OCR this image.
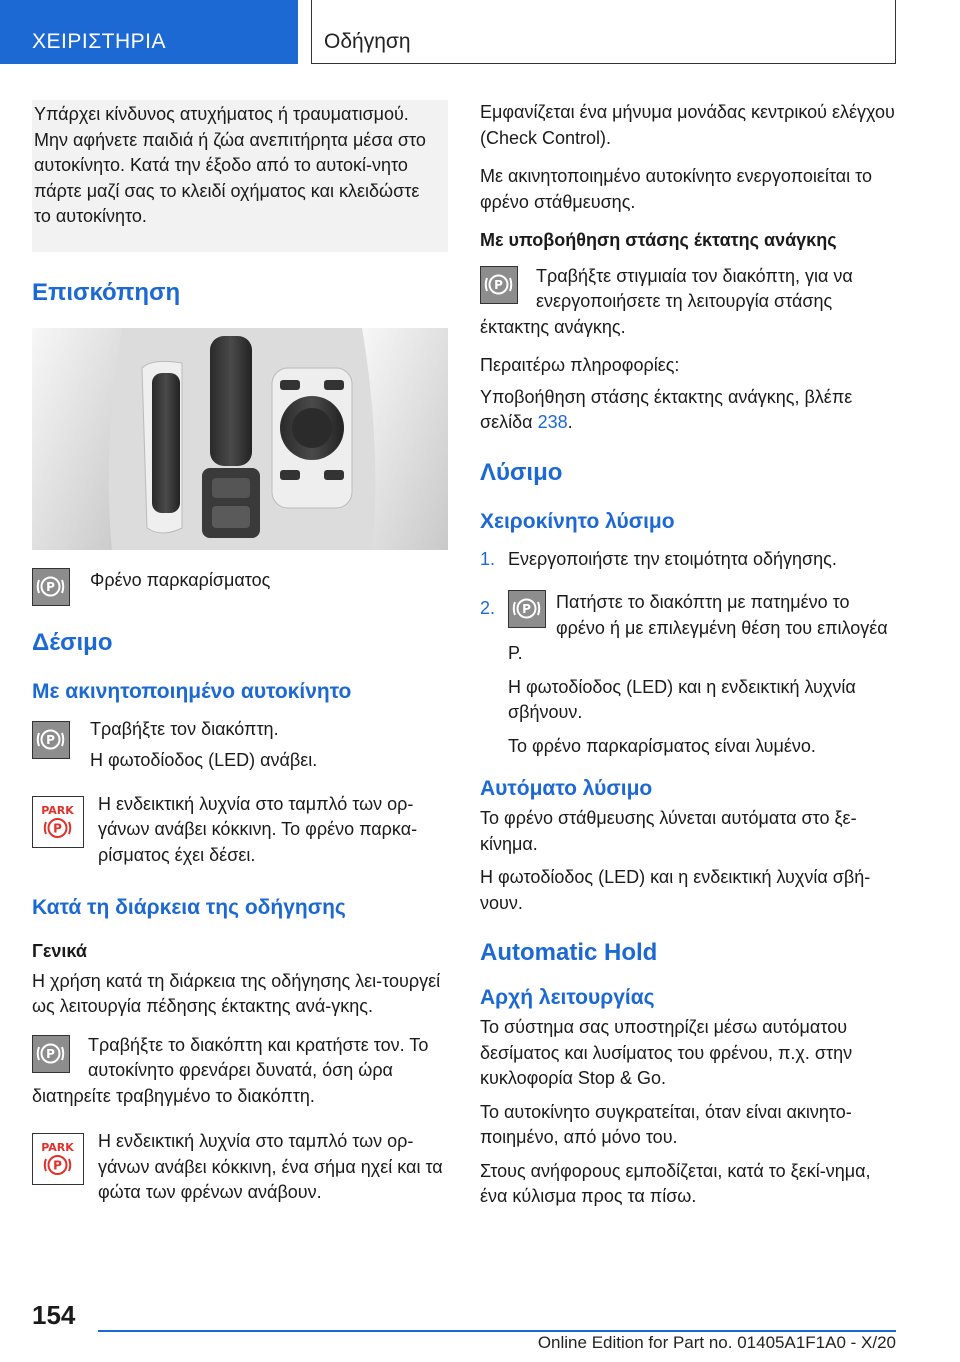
ΧΕΙΡΙΣΤΗΡΙΑ	Οδήγηση
Υπάρχει κίνδυνος ατυχήματος ή τραυματισμού. Μην αφήνετε παιδιά ή ζώα ανεπιτήρητα μέσα στο αυτοκίνητο. Κατά την έξοδο από το αυτοκί-νητο πάρτε μαζί σας το κλειδί οχήματος και κλειδώστε το αυτοκίνητο.
Επισκόπηση
P Φρένο παρκαρίσματος
Δέσιμο
Με ακινητοποιημένο αυτοκίνητο
P

Τραβήξτε τον διακόπτη.

Η φωτοδίοδος (LED) ανάβει.

PARK
P
Η ενδεικτική λυχνία στο ταμπλό των ορ-γάνων ανάβει κόκκινη. Το φρένο παρκα-ρίσματος έχει δέσει.
Κατά τη διάρκεια της οδήγησης
Γενικά

Η χρήση κατά τη διάρκεια της οδήγησης λει-τουργεί ως λειτουργία πέδησης έκτακτης ανά-γκης.

P Τραβήξτε το διακόπτη και κρατήστε τον. Το αυτοκίνητο φρενάρει δυνατά, όση ώρα διατηρείτε τραβηγμένο το διακόπτη.

PARK
P
Η ενδεικτική λυχνία στο ταμπλό των ορ-γάνων ανάβει κόκκινη, ένα σήμα ηχεί και τα φώτα των φρένων ανάβουν.

Εμφανίζεται ένα μήνυμα μονάδας κεντρικού ελέγχου (Check Control).

Με ακινητοποιημένο αυτοκίνητο ενεργοποιείται το φρένο στάθμευσης.

Με υποβοήθηση στάσης έκτατης ανάγκης

P Τραβήξτε στιγμιαία τον διακόπτη, για να ενεργοποιήσετε τη λειτουργία στάσης έκτακτης ανάγκης.

Περαιτέρω πληροφορίες:

Υποβοήθηση στάσης έκτακτης ανάγκης, βλέπε σελίδα 238.

Λύσιμο
Χειροκίνητο λύσιμο
1. Ενεργοποιήστε την ετοιμότητα οδήγησης.
2. P Πατήστε το διακόπτη με πατημένο το φρένο ή με επιλεγμένη θέση του επιλογέα P.

Η φωτοδίοδος (LED) και η ενδεικτική λυχνία σβήνουν.

Το φρένο παρκαρίσματος είναι λυμένο.

Αυτόματο λύσιμο

Το φρένο στάθμευσης λύνεται αυτόματα στο ξε-κίνημα.

Η φωτοδίοδος (LED) και η ενδεικτική λυχνία σβή-νουν.

Automatic Hold
Αρχή λειτουργίας

Το σύστημα σας υποστηρίζει μέσω αυτόματου δεσίματος και λυσίματος του φρένου, π.χ. στην κυκλοφορία Stop & Go.

Το αυτοκίνητο συγκρατείται, όταν είναι ακινητο-ποιημένο, από μόνο του.

Στους ανήφορους εμποδίζεται, κατά το ξεκί-νημα, ένα κύλισμα προς τα πίσω.

154
Online Edition for Part no. 01405A1F1A0 - X/20
